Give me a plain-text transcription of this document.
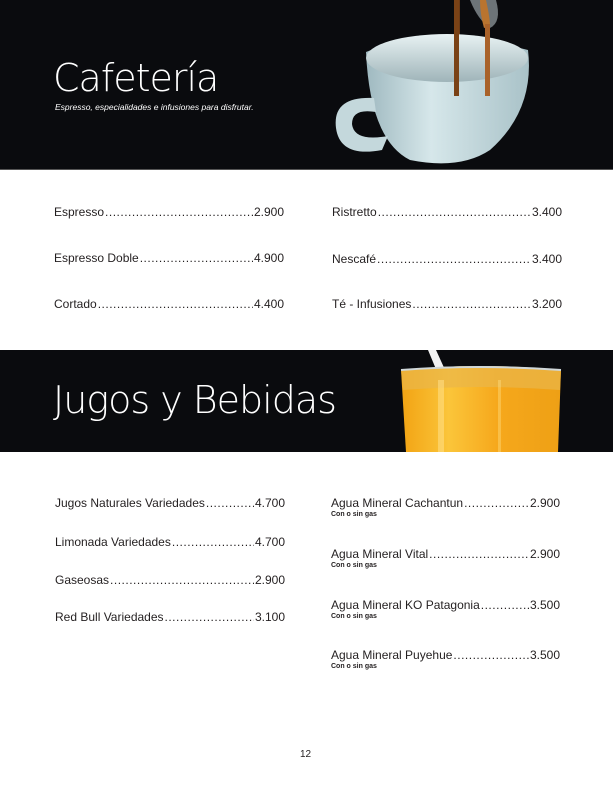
Cafetería
Espresso, especialidades e infusiones para disfrutar.
Espresso .....	2.900
Espresso Doble .....	4.900
Cortado .....	4.400
Ristretto .....	3.400
Nescafé .....	3.400
Té - Infusiones .....	3.200
Jugos y Bebidas
Jugos Naturales Variedades .....	4.700
Limonada Variedades .....	4.700
Gaseosas .....	2.900
Red Bull Variedades .....	3.100
Agua Mineral Cachantun .....	2.900
Con o sin gas
Agua Mineral Vital .....	2.900
Con o sin gas
Agua Mineral KO Patagonia .....	3.500
Con o sin gas
Agua Mineral Puyehue .....	3.500
Con o sin gas
12
